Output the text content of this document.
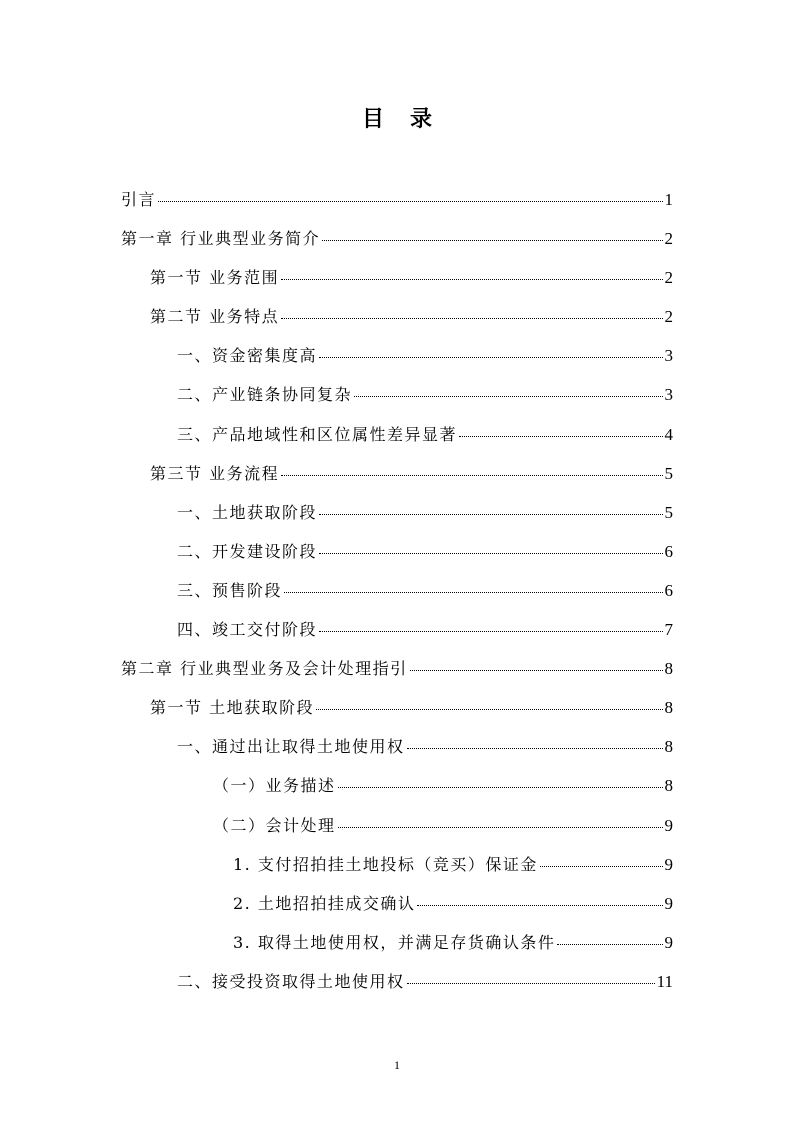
目录
引言	1
第一章 行业典型业务简介	2
第一节 业务范围	2
第二节 业务特点	2
一、资金密集度高	3
二、产业链条协同复杂	3
三、产品地域性和区位属性差异显著	4
第三节 业务流程	5
一、土地获取阶段	5
二、开发建设阶段	6
三、预售阶段	6
四、竣工交付阶段	7
第二章 行业典型业务及会计处理指引	8
第一节 土地获取阶段	8
一、通过出让取得土地使用权	8
（一）业务描述	8
（二）会计处理	9
1. 支付招拍挂土地投标（竞买）保证金	9
2. 土地招拍挂成交确认	9
3. 取得土地使用权，并满足存货确认条件	9
二、接受投资取得土地使用权	11
1
